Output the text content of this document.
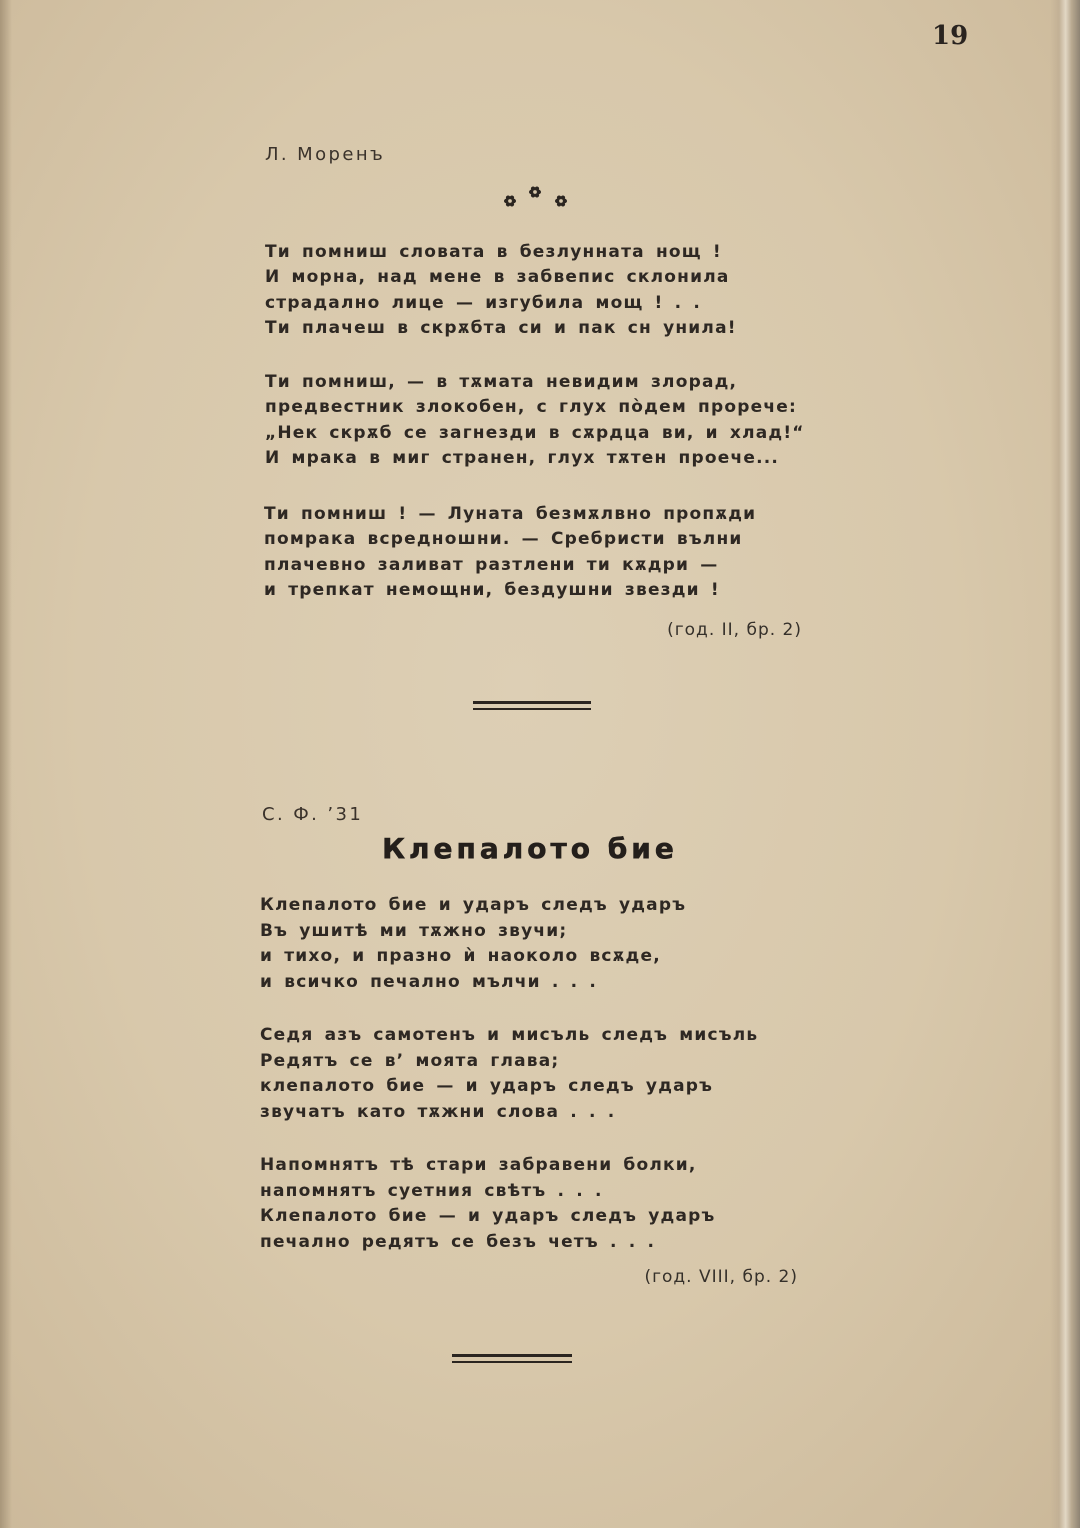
19
Л. Моренъ
Ти помниш словата в безлунната нощ !
И морна, над мене в забвепис склонила
страдално лице — изгубила мощ ! . .
Ти плачеш в скрѫбта си и пак сн унила!
Ти помниш, — в тѫмата невидим злорад,
предвестник злокобен, с глух пòдем прорече:
„Нек скрѫб се загнезди в сѫрдца ви, и хлад!“
И мрака в миг странен, глух тѫтен проече...
Ти помниш ! — Луната безмѫлвно пропѫди
помрака всредношни. — Сребристи вълни
плачевно заливат разтлени ти кѫдри —
и трепкат немощни, бездушни звезди !
(год. II, бр. 2)
С. Ф. ’31
Клепалото бие
Клепалото бие и ударъ следъ ударъ
Въ ушитѣ ми тѫжно звучи;
и тихо, и празно ѝ наоколо всѫде,
и всичко печално мълчи . . .
Седя азъ самотенъ и мисъль следъ мисъль
Редятъ се в’ моята глава;
клепалото бие — и ударъ следъ ударъ
звучатъ като тѫжни слова . . .
Напомнятъ тѣ стари забравени болки,
напомнятъ суетния свѣтъ . . .
Клепалото бие — и ударъ следъ ударъ
печално редятъ се безъ четъ . . .
(год. VIII, бр. 2)
